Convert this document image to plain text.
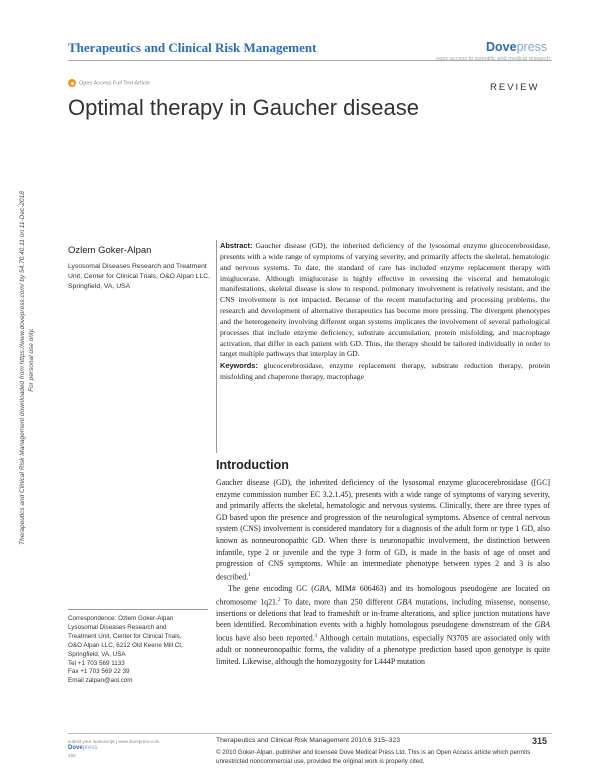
Therapeutics and Clinical Risk Management	Dovepress
open access to scientific and medical research
Open Access Full Text Article	REVIEW
Optimal therapy in Gaucher disease
Therapeutics and Clinical Risk Management downloaded from https://www.dovepress.com/ by 54.70.40.11 on 11-Dec-2018 For personal use only.
Ozlem Goker-Alpan
Lysosomal Diseases Research and Treatment Unit, Center for Clinical Trials, O&O Alpan LLC, Springfield, VA, USA
Abstract: Gaucher disease (GD), the inherited deficiency of the lysosomal enzyme glucocerebrosidase, presents with a wide range of symptoms of varying severity, and primarily affects the skeletal, hematologic and nervous systems. To date, the standard of care has included enzyme replacement therapy with imiglucerase. Although imiglucerase is highly effective in reversing the visceral and hematologic manifestations, skeletal disease is slow to respond, pulmonary involvement is relatively resistant, and the CNS involvement is not impacted. Because of the recent manufacturing and processing problems, the research and development of alternative therapeutics has become more pressing. The divergent phenotypes and the heterogeneity involving different organ systems implicates the involvement of several pathological processes that include enzyme deficiency, substrate accumulation, protein misfolding, and macrophage activation, that differ in each patient with GD. Thus, the therapy should be tailored individually in order to target multiple pathways that interplay in GD.
Keywords: glucocerebrosidase, enzyme replacement therapy, substrate reduction therapy, protein misfolding and chaperone therapy, macrophage
Introduction

Gaucher disease (GD), the inherited deficiency of the lysosomal enzyme glucocerebrosidase ([GC] enzyme commission number EC 3.2.1.45), presents with a wide range of symptoms of varying severity, and primarily affects the skeletal, hematologic and nervous systems. Clinically, there are three types of GD based upon the presence and progression of the neurological symptoms. Absence of central nervous system (CNS) involvement is considered mandatory for a diagnosis of the adult form or type 1 GD, also known as nonneuronopathic GD. When there is neuronopathic involvement, the distinction between infantile, type 2 or juvenile and the type 3 form of GD, is made in the basis of age of onset and progression of CNS symptoms. While an intermediate phenotype between types 2 and 3 is also described.$^1$

The gene encoding GC (GBA, MIM# 606463) and its homologous pseudogene are located on chromosome 1q21.$^2$ To date, more than 250 different GBA mutations, including missense, nonsense, insertions or deletions that lead to frameshift or in-frame alterations, and splice junction mutations have been identified. Recombination events with a highly homologous pseudogene downstream of the GBA locus have also been reported.$^3$ Although certain mutations, especially N370S are associated only with adult or nonneuronopathic forms, the validity of a phenotype prediction based upon genotype is quite limited. Likewise, although the homozygosity for L444P mutation

Correspondence: Ozlem Goker-Alpan
Lysosomal Diseases Research and
Treatment Unit, Center for Clinical Trials,
O&O Alpan LLC, 6212 Old Keene Mill Ct,
Springfield, VA, USA
Tel +1 703 569 1133
Fax +1 703 569 22 39
Email zalpan@aol.com
submit your manuscript | www.dovepress.com
Dovepress
493
Therapeutics and Clinical Risk Management 2010:6 315–323	315
© 2010 Goker-Alpan, publisher and licensee Dove Medical Press Ltd. This is an Open Access article which permits unrestricted noncommercial use, provided the original work is properly cited.
